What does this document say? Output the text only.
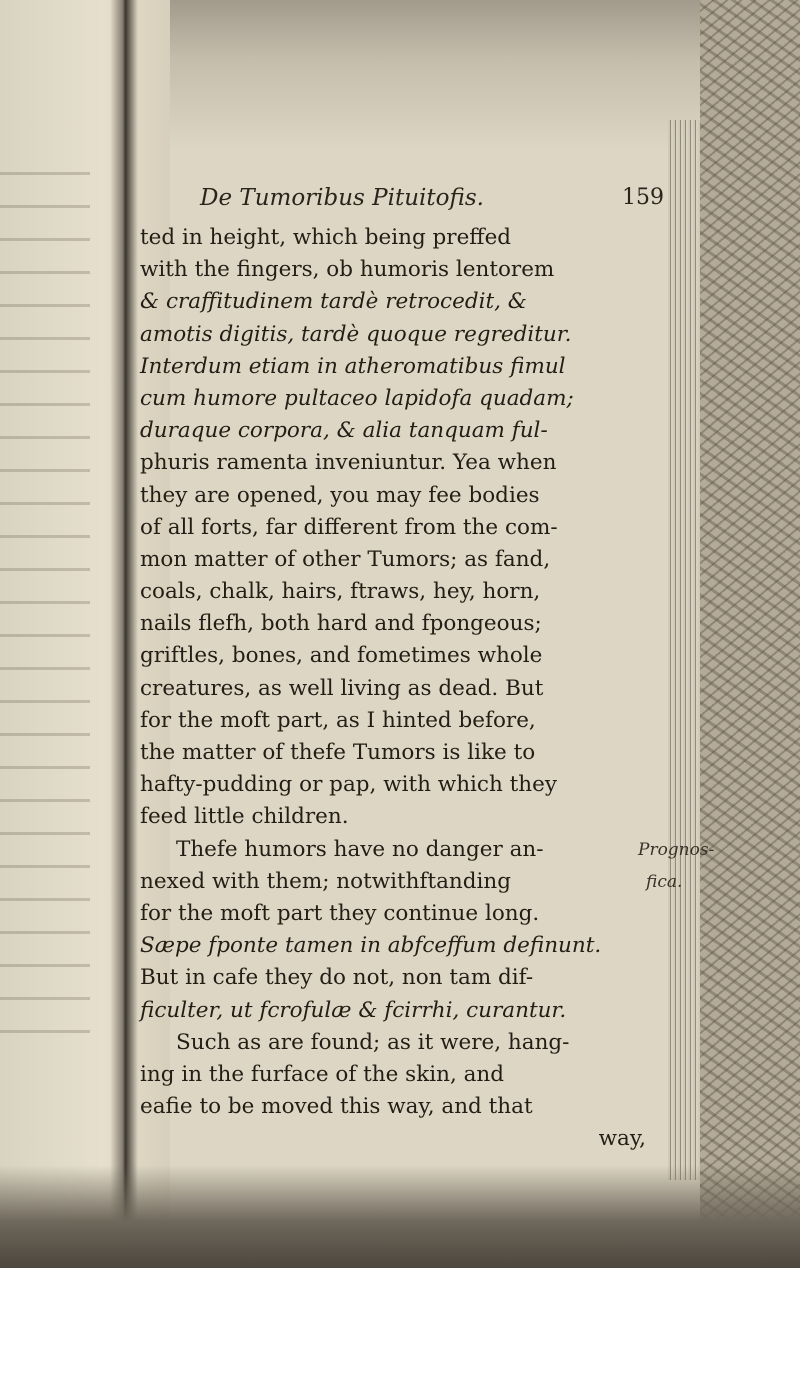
De Tumoribus Pituitofis.	159
ted in height, which being preffed
with the fingers, ob humoris lentorem
& craffitudinem tardè retrocedit, &
amotis digitis, tardè quoque regreditur.
Interdum etiam in atheromatibus fimul
cum humore pultaceo lapidofa quadam;
duraque corpora, & alia tanquam ful-
phuris ramenta inveniuntur. Yea when
they are opened, you may fee bodies
of all forts, far different from the com-
mon matter of other Tumors; as fand,
coals, chalk, hairs, ftraws, hey, horn,
nails flefh, both hard and fpongeous;
griftles, bones, and fometimes whole
creatures, as well living as dead. But
for the moft part, as I hinted before,
the matter of thefe Tumors is like to
hafty-pudding or pap, with which they
feed little children.
Thefe humors have no danger an-	Prognos-
nexed with them; notwithftanding	fica.
for the moft part they continue long.
Sæpe fponte tamen in abfceffum definunt.
But in cafe they do not, non tam dif-
ficulter, ut fcrofulæ & fcirrhi, curantur.
Such as are found; as it were, hang-
ing in the furface of the skin, and
eafie to be moved this way, and that
way,
